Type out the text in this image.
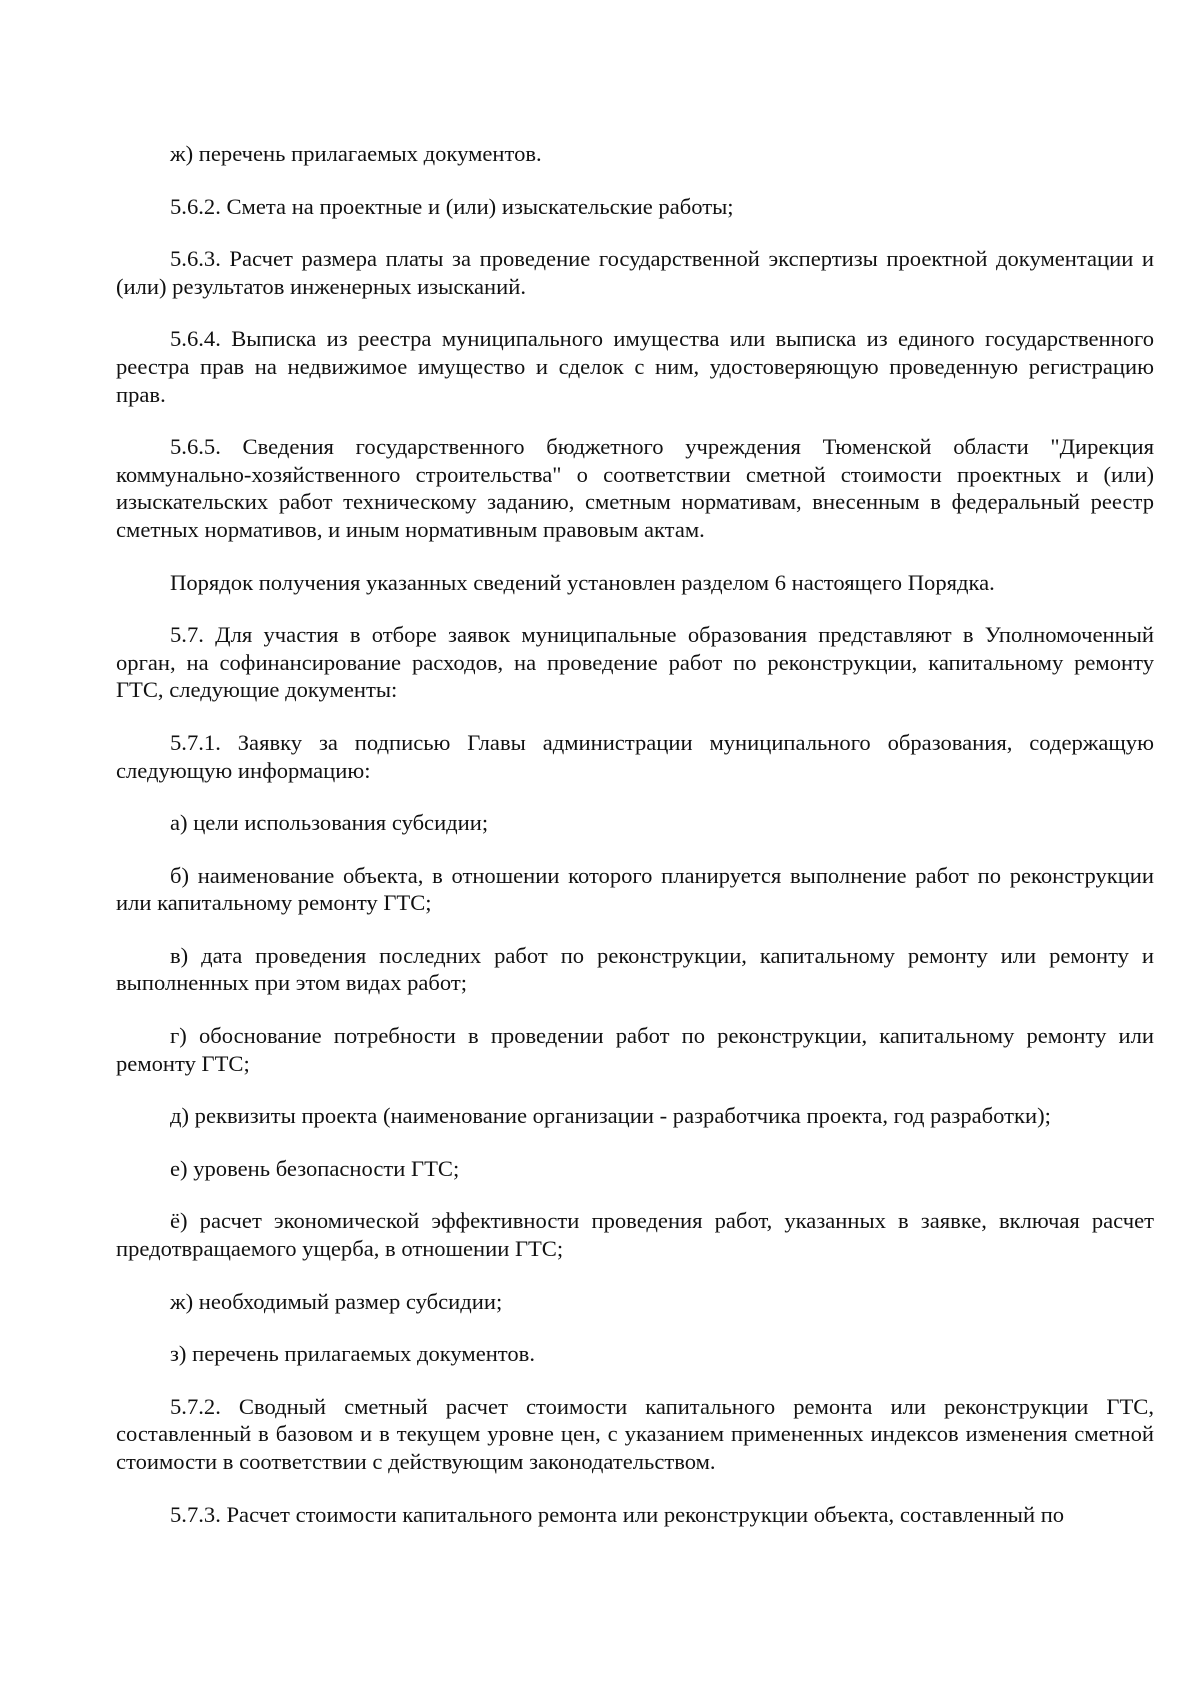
ж) перечень прилагаемых документов.

5.6.2. Смета на проектные и (или) изыскательские работы;

5.6.3. Расчет размера платы за проведение государственной экспертизы проектной документации и (или) результатов инженерных изысканий.

5.6.4. Выписка из реестра муниципального имущества или выписка из единого государственного реестра прав на недвижимое имущество и сделок с ним, удостоверяющую проведенную регистрацию прав.

5.6.5. Сведения государственного бюджетного учреждения Тюменской области "Дирекция коммунально-хозяйственного строительства" о соответствии сметной стоимости проектных и (или) изыскательских работ техническому заданию, сметным нормативам, внесенным в федеральный реестр сметных нормативов, и иным нормативным правовым актам.

Порядок получения указанных сведений установлен разделом 6 настоящего Порядка.

5.7. Для участия в отборе заявок муниципальные образования представляют в Уполномоченный орган, на софинансирование расходов, на проведение работ по реконструкции, капитальному ремонту ГТС, следующие документы:

5.7.1. Заявку за подписью Главы администрации муниципального образования, содержащую следующую информацию:

а) цели использования субсидии;

б) наименование объекта, в отношении которого планируется выполнение работ по реконструкции или капитальному ремонту ГТС;

в) дата проведения последних работ по реконструкции, капитальному ремонту или ремонту и выполненных при этом видах работ;

г) обоснование потребности в проведении работ по реконструкции, капитальному ремонту или ремонту ГТС;

д) реквизиты проекта (наименование организации - разработчика проекта, год разработки);

е) уровень безопасности ГТС;

ё) расчет экономической эффективности проведения работ, указанных в заявке, включая расчет предотвращаемого ущерба, в отношении ГТС;

ж) необходимый размер субсидии;

з) перечень прилагаемых документов.

5.7.2. Сводный сметный расчет стоимости капитального ремонта или реконструкции ГТС, составленный в базовом и в текущем уровне цен, с указанием примененных индексов изменения сметной стоимости в соответствии с действующим законодательством.

5.7.3. Расчет стоимости капитального ремонта или реконструкции объекта, составленный по
